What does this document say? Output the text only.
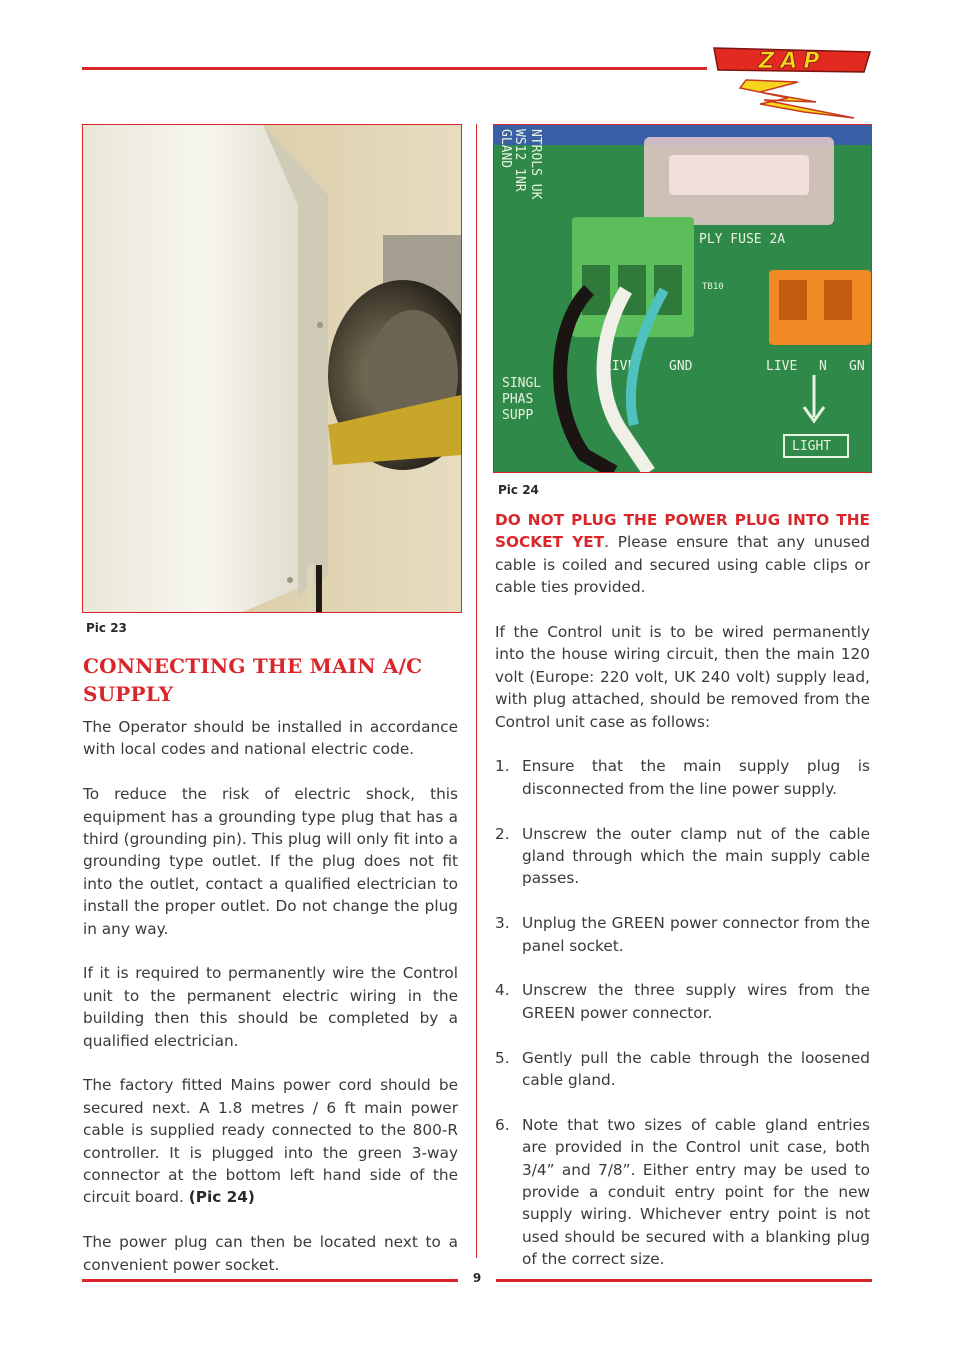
ZAP
Pic 23
NTROLS UK
WS12 1NR
GLAND
PLY FUSE 2A
TB10
LIVE	GND	LIVE N GN
SINGL
PHAS
SUPP
LIGHT
Pic 24
CONNECTING THE MAIN A/C SUPPLY

The Operator should be installed in accordance with local codes and national electric code.

To reduce the risk of electric shock, this equipment has a grounding type plug that has a third (grounding pin). This plug will only fit into a grounding type outlet. If the plug does not fit into the outlet, contact a qualified electrician to install the proper outlet. Do not change the plug in any way.

If it is required to permanently wire the Control unit to the permanent electric wiring in the building then this should be completed by a qualified electrician.

The factory fitted Mains power cord should be secured next. A 1.8 metres / 6 ft main power cable is supplied ready connected to the 800-R controller. It is plugged into the green 3-way connector at the bottom left hand side of the circuit board. (Pic 24)

The power plug can then be located next to a convenient power socket.

DO NOT PLUG THE POWER PLUG INTO THE SOCKET YET. Please ensure that any unused cable is coiled and secured using cable clips or cable ties provided.

If the Control unit is to be wired permanently into the house wiring circuit, then the main 120 volt (Europe: 220 volt, UK 240 volt) supply lead, with plug attached, should be removed from the Control unit case as follows:

1. Ensure that the main supply plug is disconnected from the line power supply.
2. Unscrew the outer clamp nut of the cable gland through which the main supply cable passes.
3. Unplug the GREEN power connector from the panel socket.
4. Unscrew the three supply wires from the GREEN power connector.
5. Gently pull the cable through the loosened cable gland.
6. Note that two sizes of cable gland entries are provided in the Control unit case, both 3/4” and 7/8”. Either entry may be used to provide a conduit entry point for the new supply wiring. Whichever entry point is not used should be secured with a blanking plug of the correct size.
9
